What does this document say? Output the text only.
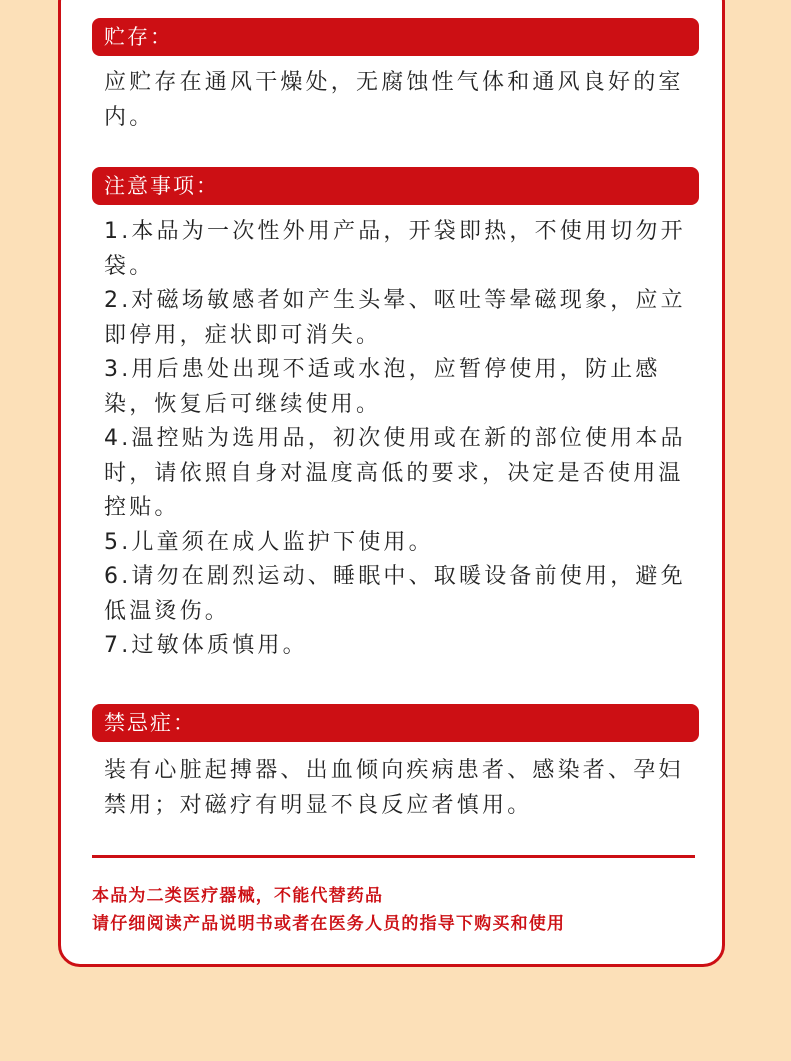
贮存：

应贮存在通风干燥处，无腐蚀性气体和通风良好的室内。

注意事项：

1.本品为一次性外用产品，开袋即热，不使用切勿开袋。

2.对磁场敏感者如产生头晕、呕吐等晕磁现象，应立即停用，症状即可消失。

3.用后患处出现不适或水泡，应暂停使用，防止感染，恢复后可继续使用。

4.温控贴为选用品，初次使用或在新的部位使用本品时，请依照自身对温度高低的要求，决定是否使用温控贴。

5.儿童须在成人监护下使用。

6.请勿在剧烈运动、睡眠中、取暖设备前使用，避免低温烫伤。

7.过敏体质慎用。

禁忌症：

装有心脏起搏器、出血倾向疾病患者、感染者、孕妇禁用；对磁疗有明显不良反应者慎用。

本品为二类医疗器械，不能代替药品

请仔细阅读产品说明书或者在医务人员的指导下购买和使用
